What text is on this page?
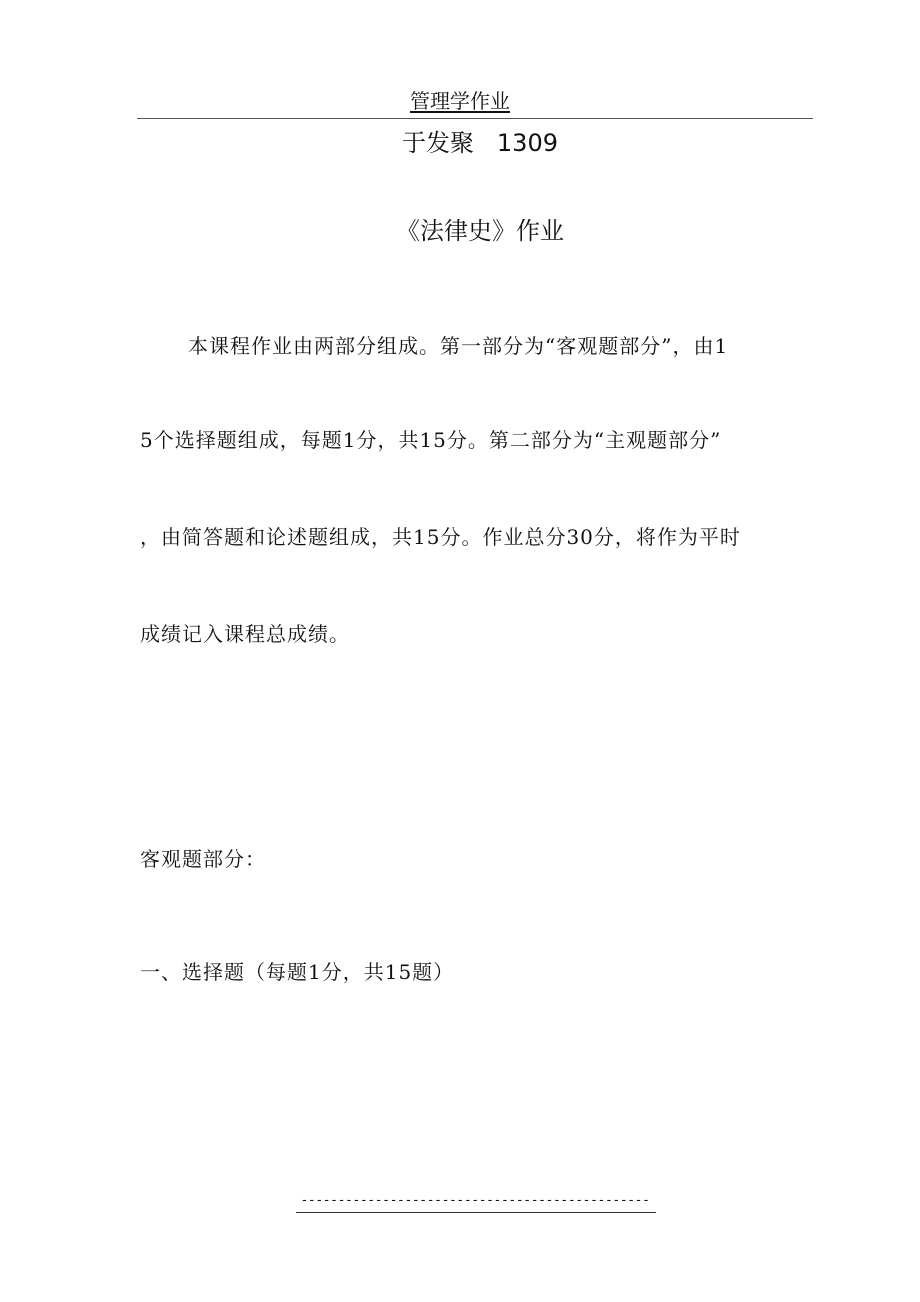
管理学作业
于发聚   1309
《法律史》作业
本课程作业由两部分组成。第一部分为“客观题部分”，由1
5个选择题组成，每题1分，共15分。第二部分为“主观题部分”
，由简答题和论述题组成，共15分。作业总分30分，将作为平时
成绩记入课程总成绩。
客观题部分：
一、选择题（每题1分，共15题）
-----------------------------------------------
